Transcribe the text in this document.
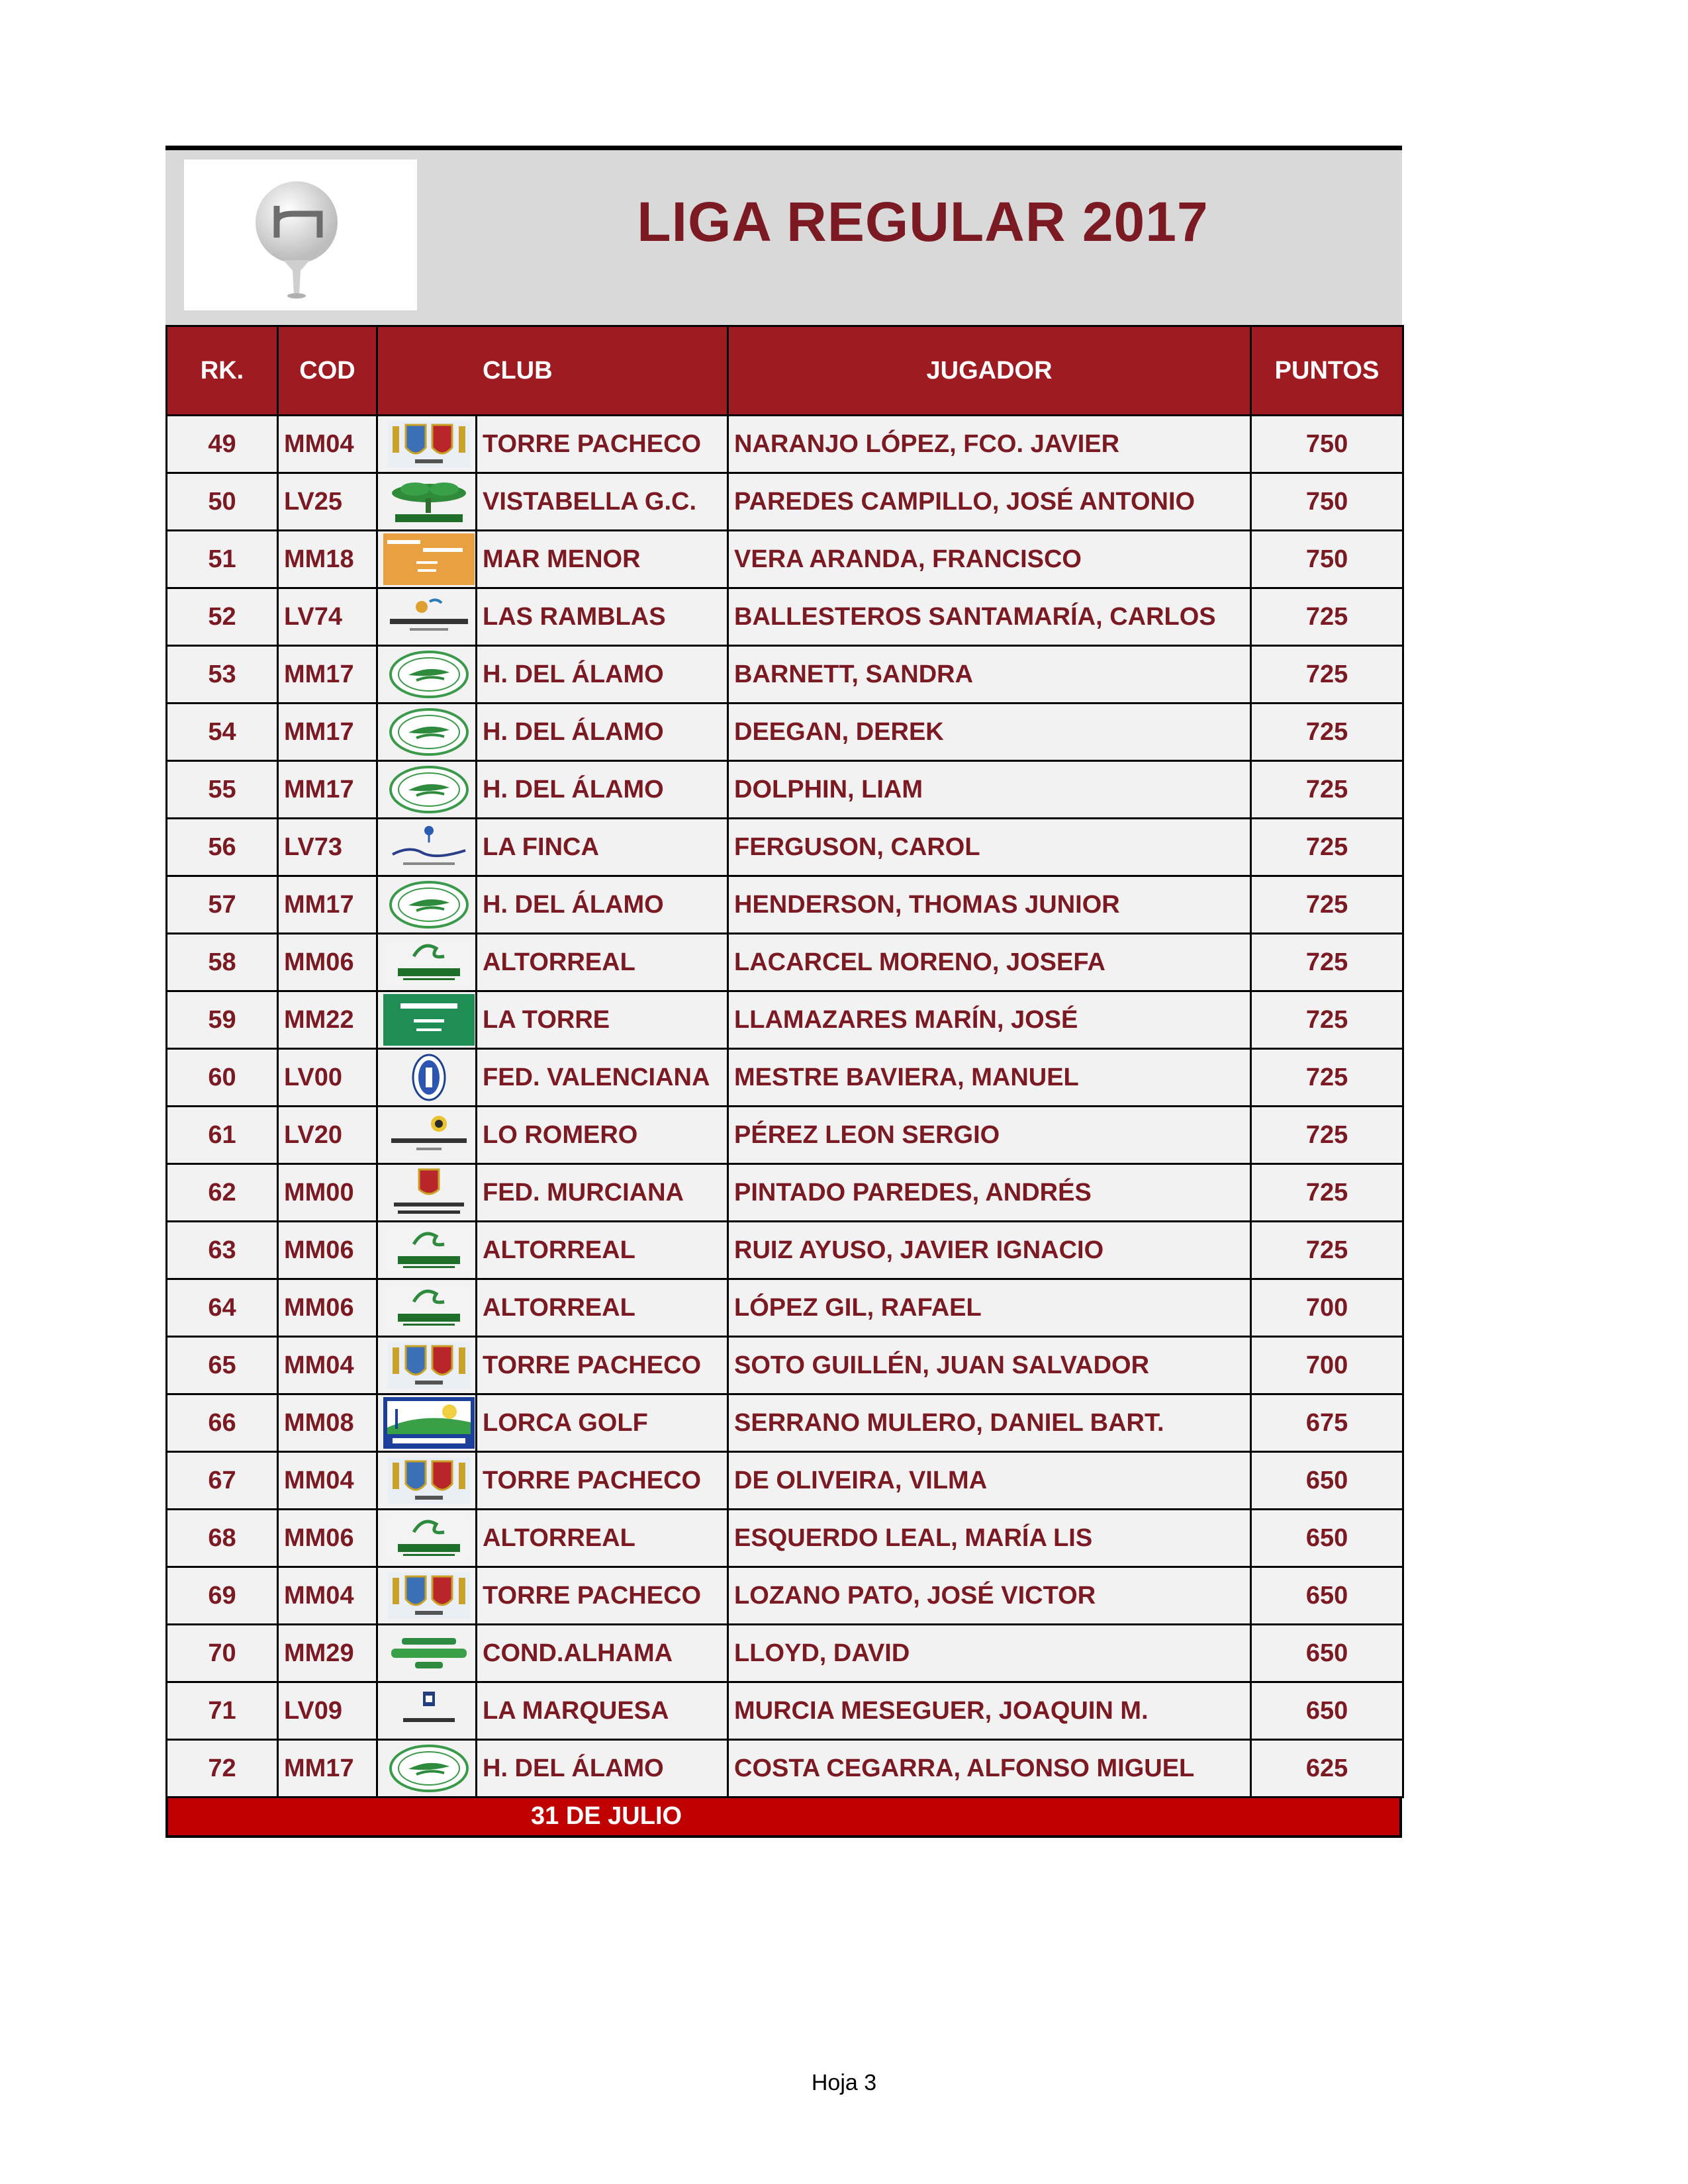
LIGA REGULAR 2017
RK.	COD	CLUB		JUGADOR	PUNTOS
49	MM04		TORRE PACHECO	NARANJO LÓPEZ, FCO. JAVIER	750
50	LV25		VISTABELLA G.C.	PAREDES CAMPILLO, JOSÉ ANTONIO	750
51	MM18		MAR MENOR	VERA ARANDA, FRANCISCO	750
52	LV74		LAS RAMBLAS	BALLESTEROS SANTAMARÍA, CARLOS	725
53	MM17		H. DEL ÁLAMO	BARNETT, SANDRA	725
54	MM17		H. DEL ÁLAMO	DEEGAN, DEREK	725
55	MM17		H. DEL ÁLAMO	DOLPHIN, LIAM	725
56	LV73		LA FINCA	FERGUSON, CAROL	725
57	MM17		H. DEL ÁLAMO	HENDERSON, THOMAS JUNIOR	725
58	MM06		ALTORREAL	LACARCEL MORENO, JOSEFA	725
59	MM22		LA TORRE	LLAMAZARES MARÍN, JOSÉ	725
60	LV00		FED. VALENCIANA	MESTRE BAVIERA, MANUEL	725
61	LV20		LO ROMERO	PÉREZ LEON SERGIO	725
62	MM00		FED. MURCIANA	PINTADO PAREDES, ANDRÉS	725
63	MM06		ALTORREAL	RUIZ AYUSO, JAVIER IGNACIO	725
64	MM06		ALTORREAL	LÓPEZ GIL, RAFAEL	700
65	MM04		TORRE PACHECO	SOTO GUILLÉN, JUAN SALVADOR	700
66	MM08		LORCA GOLF	SERRANO MULERO, DANIEL BART.	675
67	MM04		TORRE PACHECO	DE OLIVEIRA, VILMA	650
68	MM06		ALTORREAL	ESQUERDO LEAL, MARÍA LIS	650
69	MM04		TORRE PACHECO	LOZANO PATO, JOSÉ VICTOR	650
70	MM29		COND.ALHAMA	LLOYD, DAVID	650
71	LV09		LA MARQUESA	MURCIA MESEGUER, JOAQUIN M.	650
72	MM17		H. DEL ÁLAMO	COSTA CEGARRA, ALFONSO MIGUEL	625
31 DE JULIO
Hoja 3
